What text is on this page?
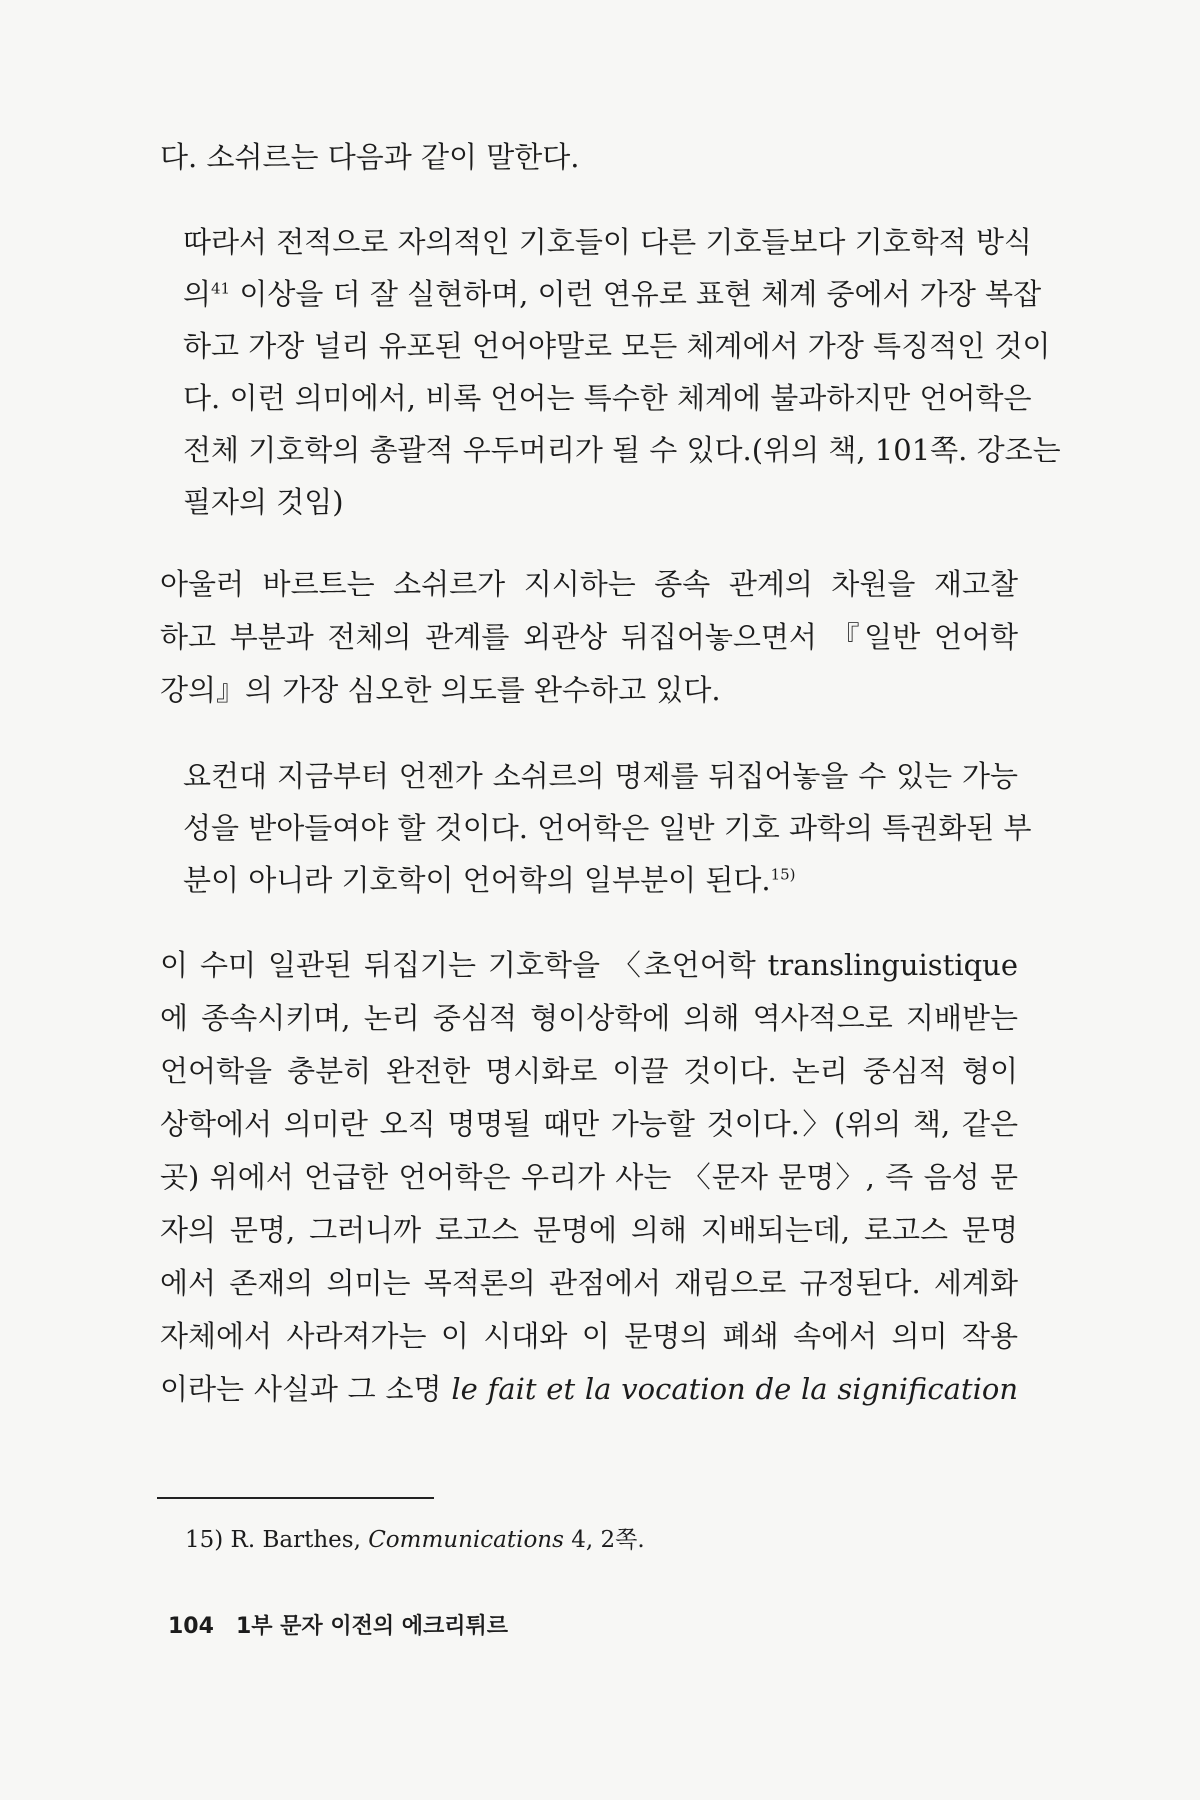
다. 소쉬르는 다음과 같이 말한다.

따라서 전적으로 자의적인 기호들이 다른 기호들보다 기호학적 방식

의$^{41}$ 이상을 더 잘 실현하며, 이런 연유로 표현 체계 중에서 가장 복잡

하고 가장 널리 유포된 언어야말로 모든 체계에서 가장 특징적인 것이

다. 이런 의미에서, 비록 언어는 특수한 체계에 불과하지만 언어학은

전체 기호학의 총괄적 우두머리가 될 수 있다.(위의 책, 101쪽. 강조는

필자의 것임)

아울러 바르트는 소쉬르가 지시하는 종속 관계의 차원을 재고찰

하고 부분과 전체의 관계를 외관상 뒤집어놓으면서 『일반 언어학

강의』의 가장 심오한 의도를 완수하고 있다.

요컨대 지금부터 언젠가 소쉬르의 명제를 뒤집어놓을 수 있는 가능

성을 받아들여야 할 것이다. 언어학은 일반 기호 과학의 특권화된 부

분이 아니라 기호학이 언어학의 일부분이 된다.$^{15)}$

이 수미 일관된 뒤집기는 기호학을 〈초언어학 translinguistique

에 종속시키며, 논리 중심적 형이상학에 의해 역사적으로 지배받는

언어학을 충분히 완전한 명시화로 이끌 것이다. 논리 중심적 형이

상학에서 의미란 오직 명명될 때만 가능할 것이다.〉(위의 책, 같은

곳) 위에서 언급한 언어학은 우리가 사는 〈문자 문명〉, 즉 음성 문

자의 문명, 그러니까 로고스 문명에 의해 지배되는데, 로고스 문명

에서 존재의 의미는 목적론의 관점에서 재림으로 규정된다. 세계화

자체에서 사라져가는 이 시대와 이 문명의 폐쇄 속에서 의미 작용

이라는 사실과 그 소명 le fait et la vocation de la signification

15) R. Barthes, Communications 4, 2쪽.

104 1부 문자 이전의 에크리튀르
